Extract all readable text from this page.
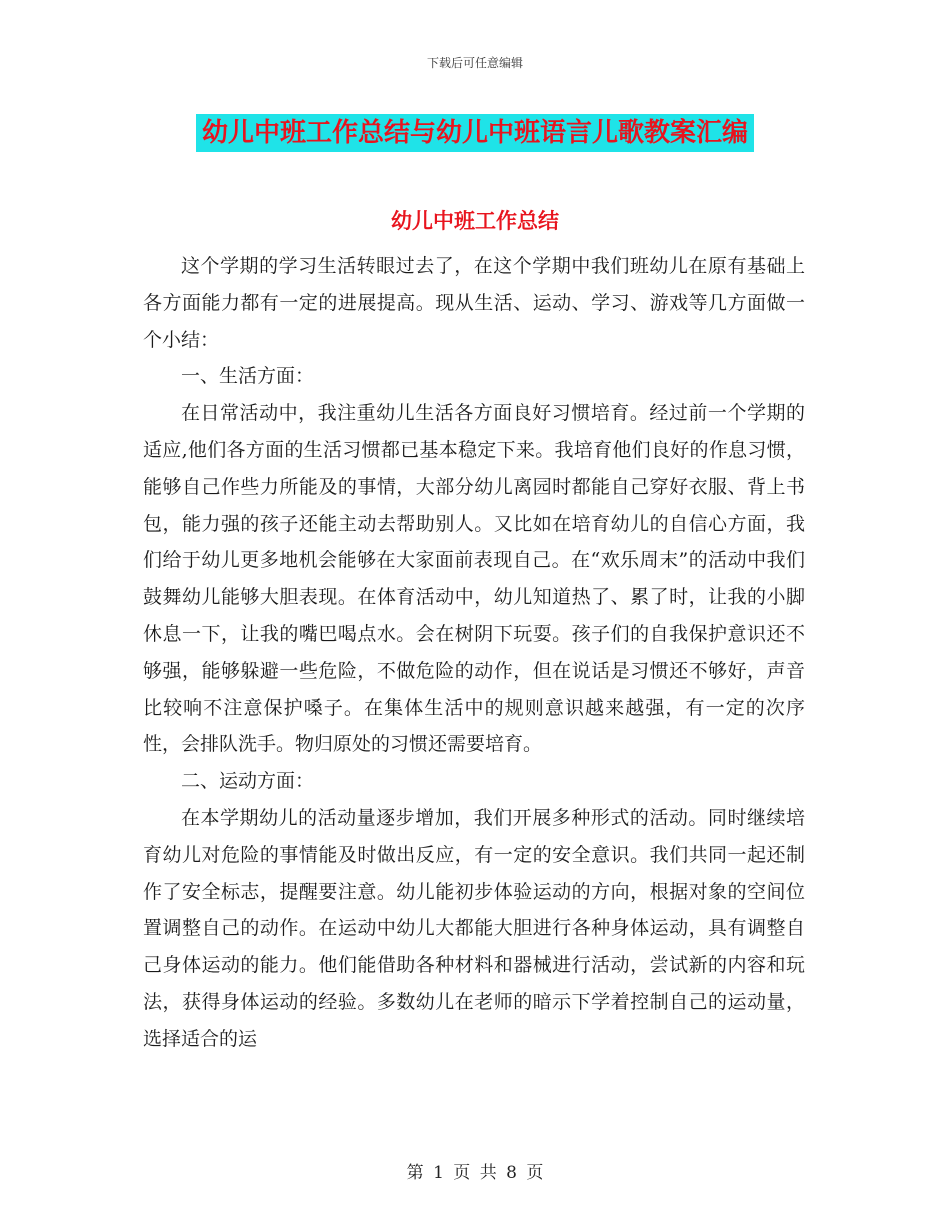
下载后可任意编辑
幼儿中班工作总结与幼儿中班语言儿歌教案汇编
幼儿中班工作总结

这个学期的学习生活转眼过去了，在这个学期中我们班幼儿在原有基础上各方面能力都有一定的进展提高。现从生活、运动、学习、游戏等几方面做一个小结：

一、生活方面：

在日常活动中，我注重幼儿生活各方面良好习惯培育。经过前一个学期的适应,他们各方面的生活习惯都已基本稳定下来。我培育他们良好的作息习惯，能够自己作些力所能及的事情，大部分幼儿离园时都能自己穿好衣服、背上书包，能力强的孩子还能主动去帮助别人。又比如在培育幼儿的自信心方面，我们给于幼儿更多地机会能够在大家面前表现自己。在“欢乐周末”的活动中我们鼓舞幼儿能够大胆表现。在体育活动中，幼儿知道热了、累了时，让我的小脚休息一下，让我的嘴巴喝点水。会在树阴下玩耍。孩子们的自我保护意识还不够强，能够躲避一些危险，不做危险的动作，但在说话是习惯还不够好，声音比较响不注意保护嗓子。在集体生活中的规则意识越来越强，有一定的次序性，会排队洗手。物归原处的习惯还需要培育。

二、运动方面：

在本学期幼儿的活动量逐步增加，我们开展多种形式的活动。同时继续培育幼儿对危险的事情能及时做出反应，有一定的安全意识。我们共同一起还制作了安全标志，提醒要注意。幼儿能初步体验运动的方向，根据对象的空间位置调整自己的动作。在运动中幼儿大都能大胆进行各种身体运动，具有调整自己身体运动的能力。他们能借助各种材料和器械进行活动，尝试新的内容和玩法，获得身体运动的经验。多数幼儿在老师的暗示下学着控制自己的运动量，选择适合的运

第 1 页 共 8 页
